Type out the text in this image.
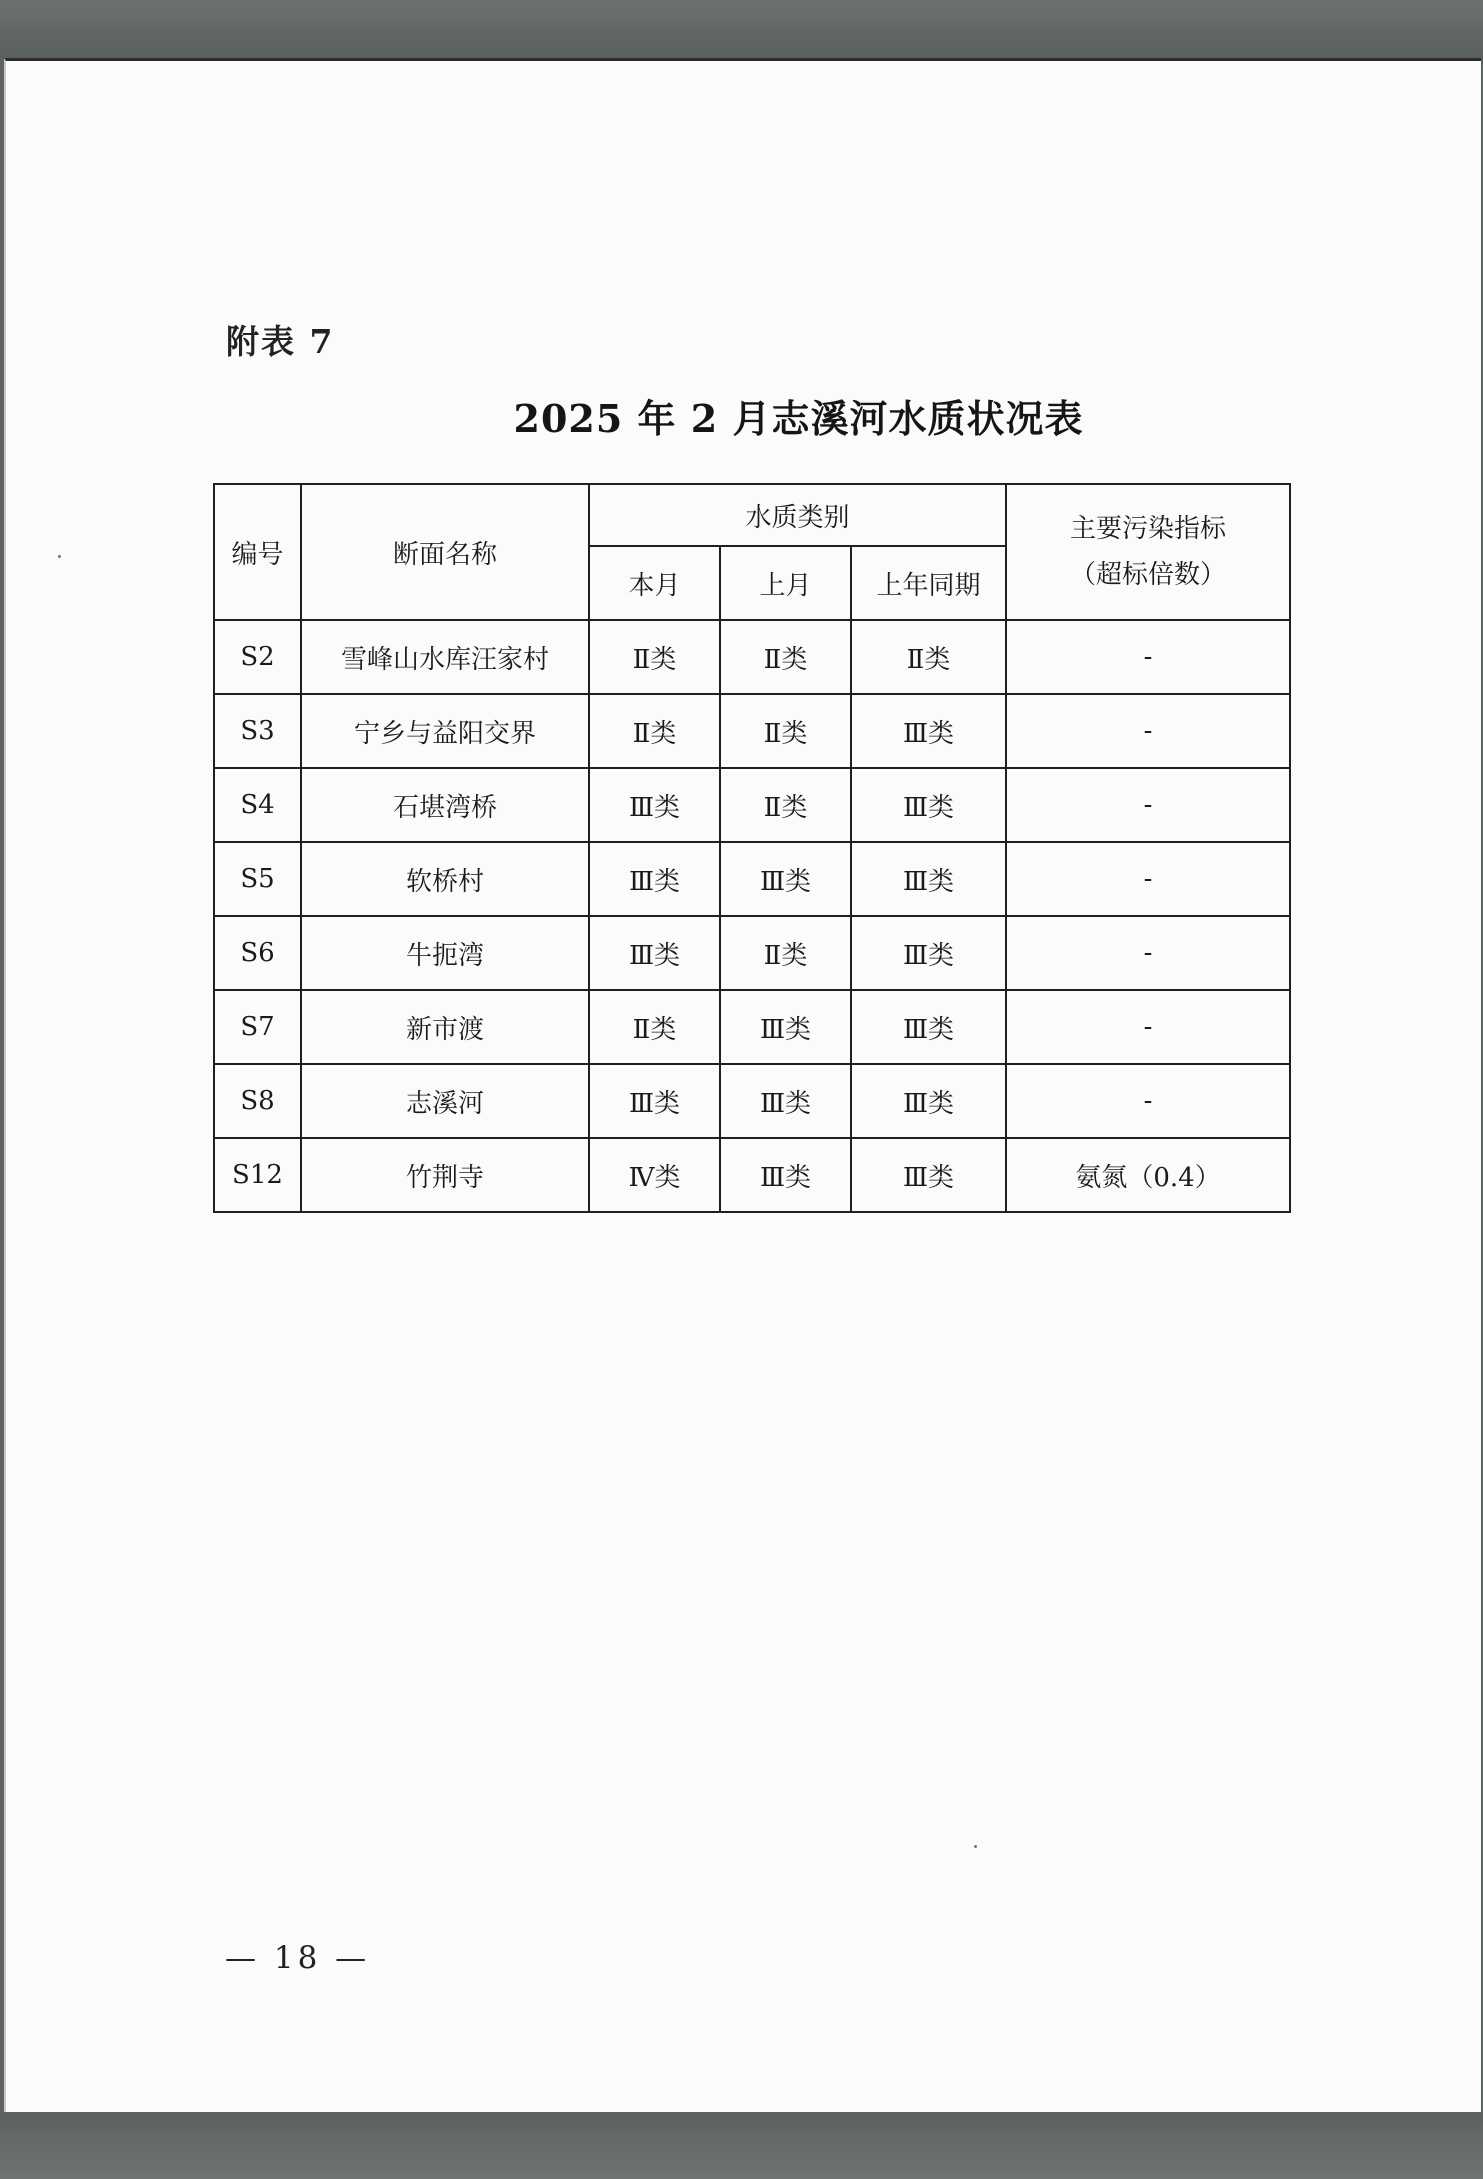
附表 7
2025 年 2 月志溪河水质状况表
编号	断面名称	水质类别			主要污染指标
（超标倍数）

		本月	上月	上年同期	
S2	雪峰山水库汪家村	Ⅱ类	Ⅱ类	Ⅱ类	-
S3	宁乡与益阳交界	Ⅱ类	Ⅱ类	Ⅲ类	-
S4	石堪湾桥	Ⅲ类	Ⅱ类	Ⅲ类	-
S5	软桥村	Ⅲ类	Ⅲ类	Ⅲ类	-
S6	牛扼湾	Ⅲ类	Ⅱ类	Ⅲ类	-
S7	新市渡	Ⅱ类	Ⅲ类	Ⅲ类	-
S8	志溪河	Ⅲ类	Ⅲ类	Ⅲ类	-
S12	竹荆寺	Ⅳ类	Ⅲ类	Ⅲ类	氨氮（0.4）
— 18 —
